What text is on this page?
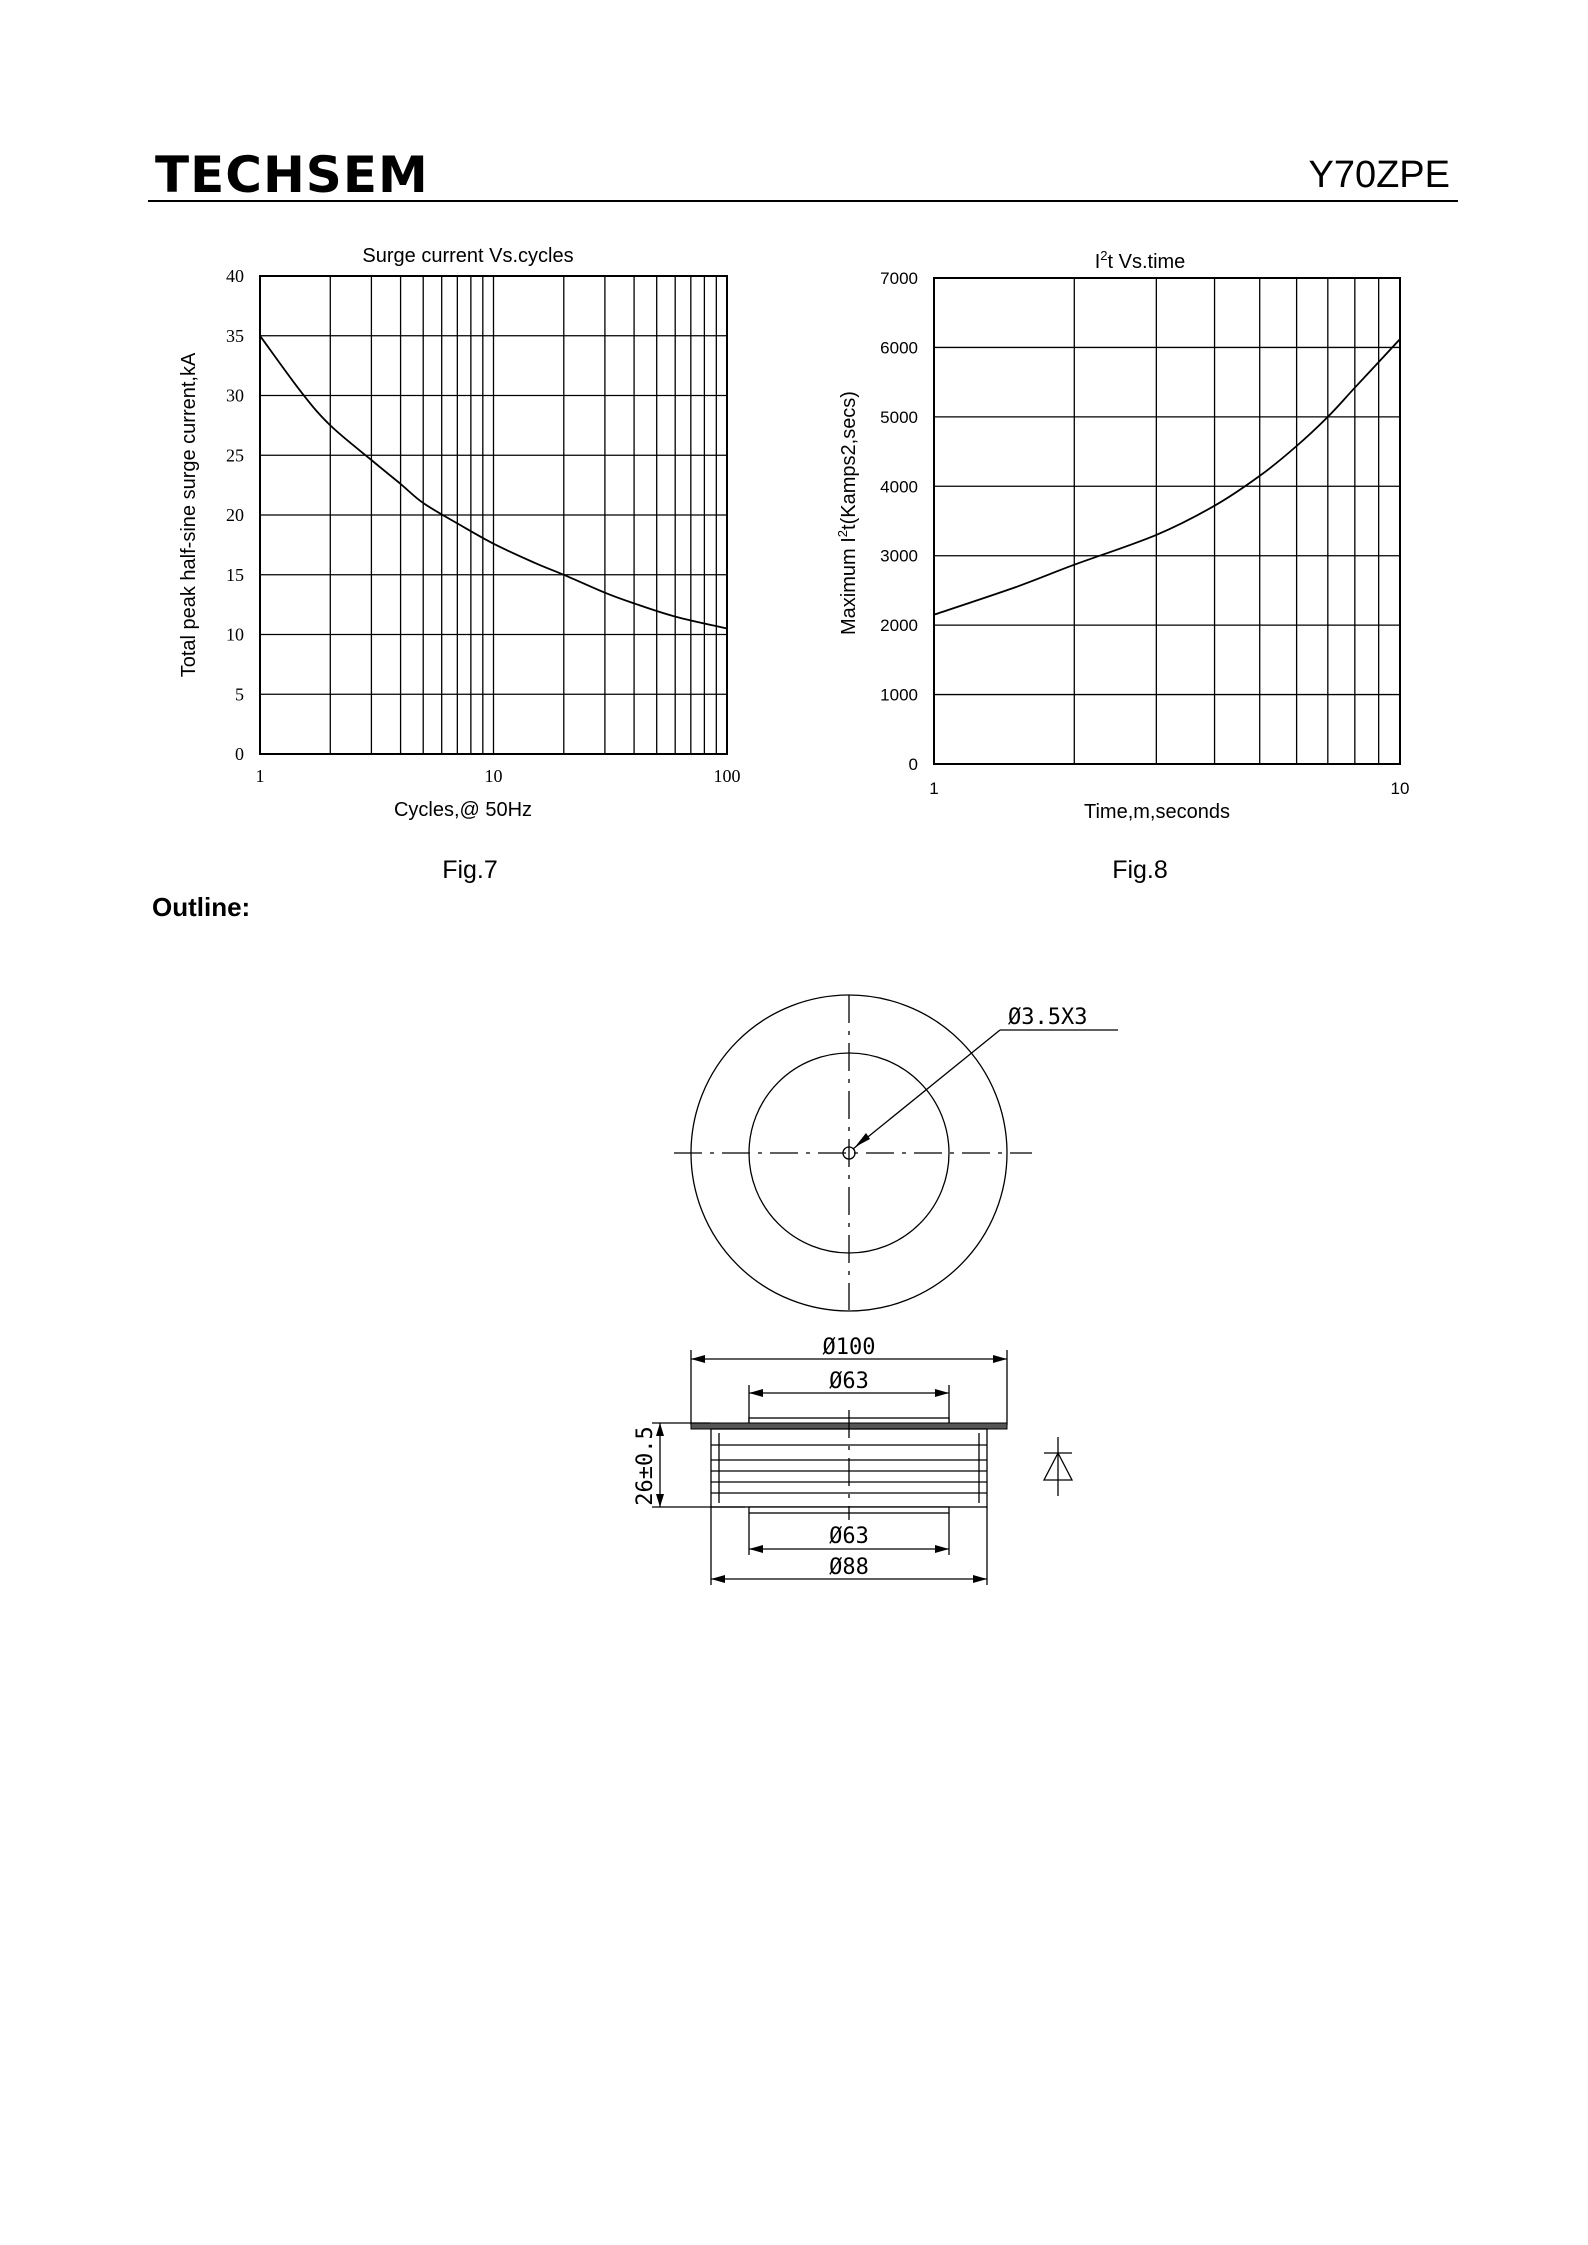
TECHSEM	Y70ZPE
Outline:
0
5
10
15
20
25
30
35
40
1	10	100
Surge current Vs.cycles
Cycles,@ 50Hz
Total peak half-sine surge current,kA
Fig.7
0
1000
2000
3000
4000
5000
6000
7000
1	10
$I^2t$ Vs.time
Time,m,seconds
Maximum $I^2t(Kamps2,\sec s)$
Fig.8
Ø3.5X3
Ø100
Ø63
26±0.5
Ø63
Ø88
